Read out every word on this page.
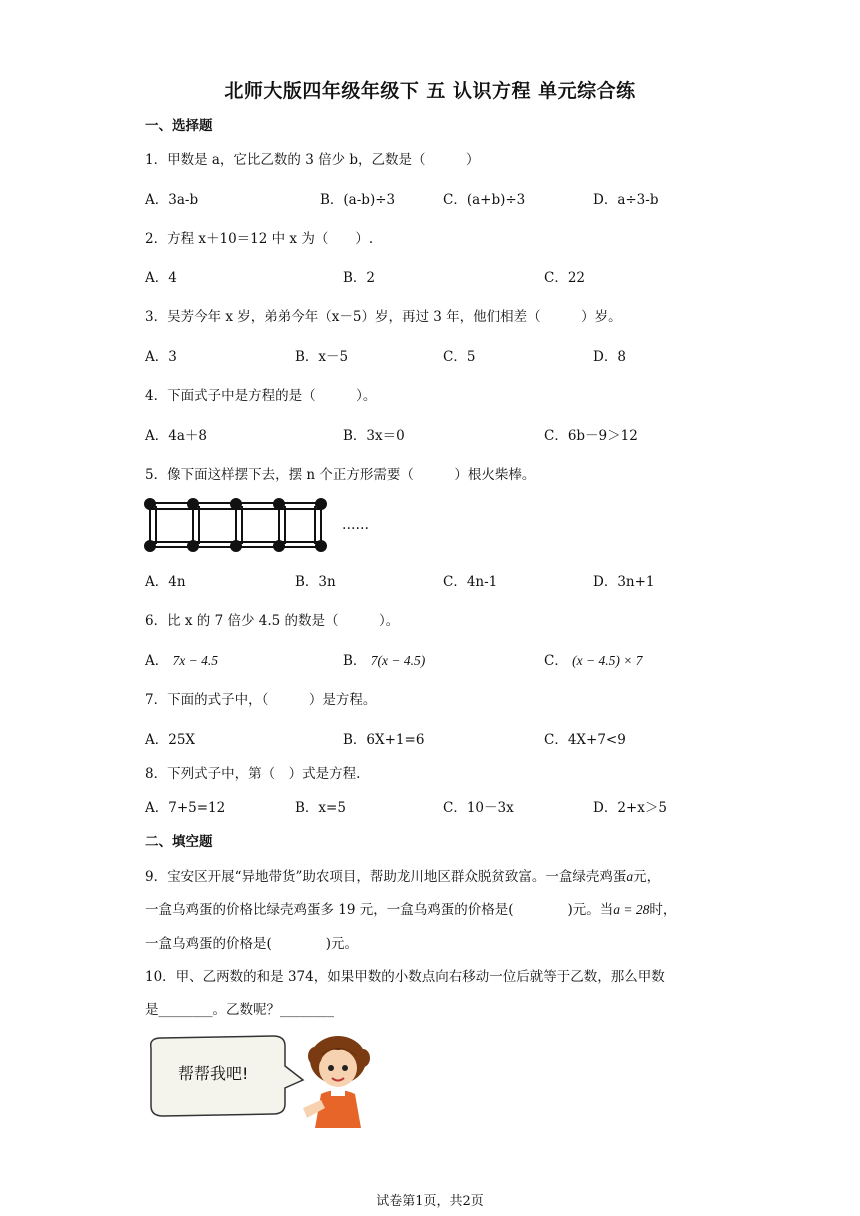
北师大版四年级年级下 五 认识方程 单元综合练
一、选择题
1．甲数是 a，它比乙数的 3 倍少 b，乙数是（　　　）
A．3a-b	B．(a-b)÷3	C．(a+b)÷3	D．a÷3-b
2．方程 x＋10＝12 中 x 为（　　）.
A．4	B．2	C．22
3．吴芳今年 x 岁，弟弟今年（x－5）岁，再过 3 年，他们相差（　　　）岁。
A．3	B．x－5	C．5	D．8
4．下面式子中是方程的是（　　　）。
A．4a＋8	B．3x＝0	C．6b－9＞12
5．像下面这样摆下去，摆 n 个正方形需要（　　　）根火柴棒。
……
A．4n	B．3n	C．4n-1	D．3n+1
6．比 x 的 7 倍少 4.5 的数是（　　　）。
A． 7x − 4.5	B． 7(x − 4.5)	C． (x − 4.5) × 7
7．下面的式子中，（　　　）是方程。
A．25X	B．6X+1=6	C．4X+7<9
8．下列式子中，第（　）式是方程.
A．7+5=12	B．x=5	C．10－3x	D．2+x＞5
二、填空题
9．宝安区开展“异地带货”助农项目，帮助龙川地区群众脱贫致富。一盒绿壳鸡蛋a元，
一盒乌鸡蛋的价格比绿壳鸡蛋多 19 元，一盒乌鸡蛋的价格是(　　　　)元。当a = 28时，
一盒乌鸡蛋的价格是(　　　　)元。
10．甲、乙两数的和是 374，如果甲数的小数点向右移动一位后就等于乙数，那么甲数
是________。乙数呢？________
帮帮我吧!
试卷第1页，共2页
